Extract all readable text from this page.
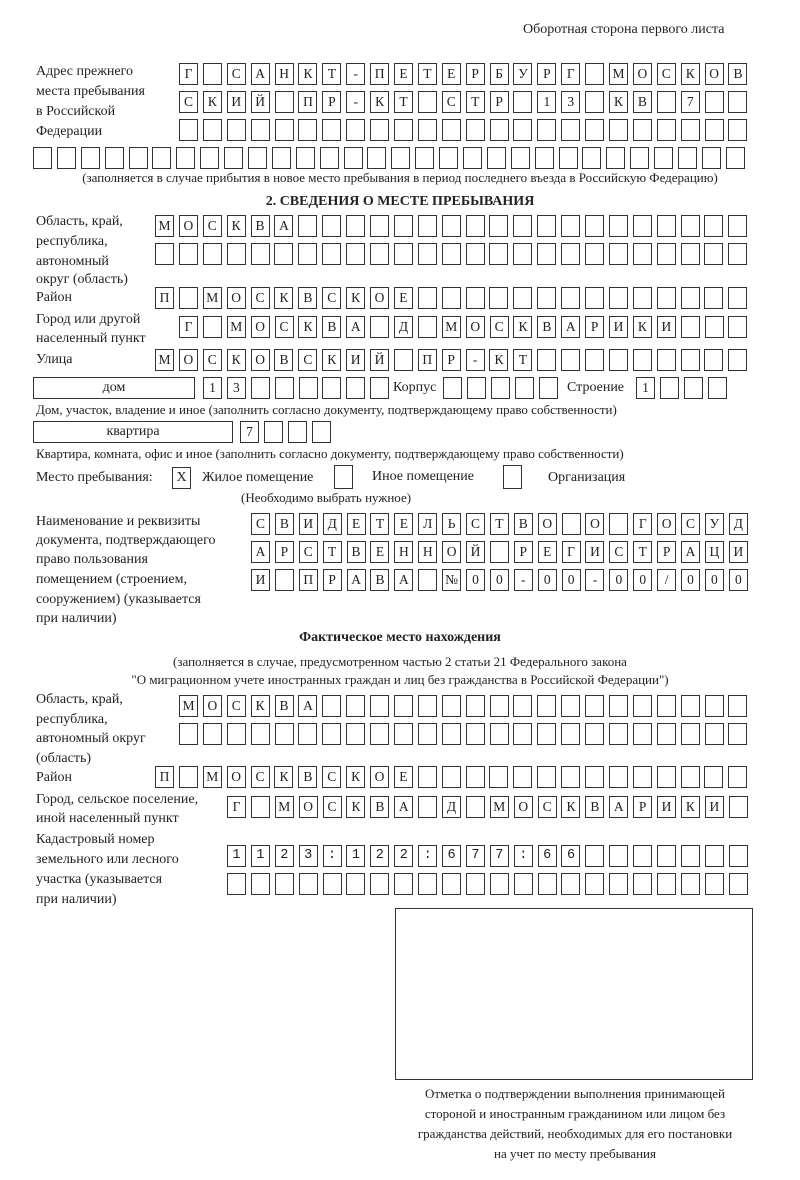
Оборотная сторона первого листа
Адрес прежнего
места пребывания
в Российской
Федерации
Г	С	А	Н	К	Т	-	П	Е	Т	Е	Р	Б	У	Р	Г	М О	С	К	О	В
С	К	И	Й	П	Р	-	К	Т	С	Т	Р	1	3	К	В	7
(заполняется в случае прибытия в новое место пребывания в период последнего въезда в Российскую Федерацию)
2. СВЕДЕНИЯ О МЕСТЕ ПРЕБЫВАНИЯ
Область, край,
республика,
автономный
округ (область)
М О	С	К	В	А
Район	П	М О	С	К	В	С	К	О	Е
Город или другой
населенный пункт
Г	М О	С	К	В	А	Д	М О	С	К	В	А	Р	И	К	И
Улица	М О	С	К	О	В	С	К	И	Й	П	Р	-	К	Т
дом	1	3	Корпус	Строение	1
Дом, участок, владение и иное (заполнить согласно документу, подтверждающему право собственности)
квартира	7
Квартира, комната, офис и иное (заполнить согласно документу, подтверждающему право собственности)
Место пребывания:	X	Жилое помещение	Иное помещение	Организация
(Необходимо выбрать нужное)
Наименование и реквизиты
документа, подтверждающего
право пользования
помещением (строением,
сооружением) (указывается
при наличии)
С	В	И	Д	Е	Т	Е	Л	Ь	С	Т	В	О	О	Г	О	С	У	Д
А	Р	С	Т	В	Е	Н	Н	О	Й	Р	Е	Г	И	С	Т	Р	А	Ц	И
И	П	Р	А	В	А	№	0	0	-	0	0	-	0	0	/	0	0	0
Фактическое место нахождения
(заполняется в случае, предусмотренном частью 2 статьи 21 Федерального закона
"О миграционном учете иностранных граждан и лиц без гражданства в Российской Федерации")
Область, край,
республика,
автономный округ
(область)
М О	С	К	В	А
Район	П	М О	С	К	В	С	К	О	Е
Город, сельское поселение,
иной населенный пункт
Г	М О	С	К	В	А	Д	М О	С	К	В	А	Р	И	К	И
Кадастровый номер
земельного или лесного
участка (указывается
при наличии)
1123:122:677:66
Отметка о подтверждении выполнения принимающей
стороной и иностранным гражданином или лицом без
гражданства действий, необходимых для его постановки
на учет по месту пребывания
